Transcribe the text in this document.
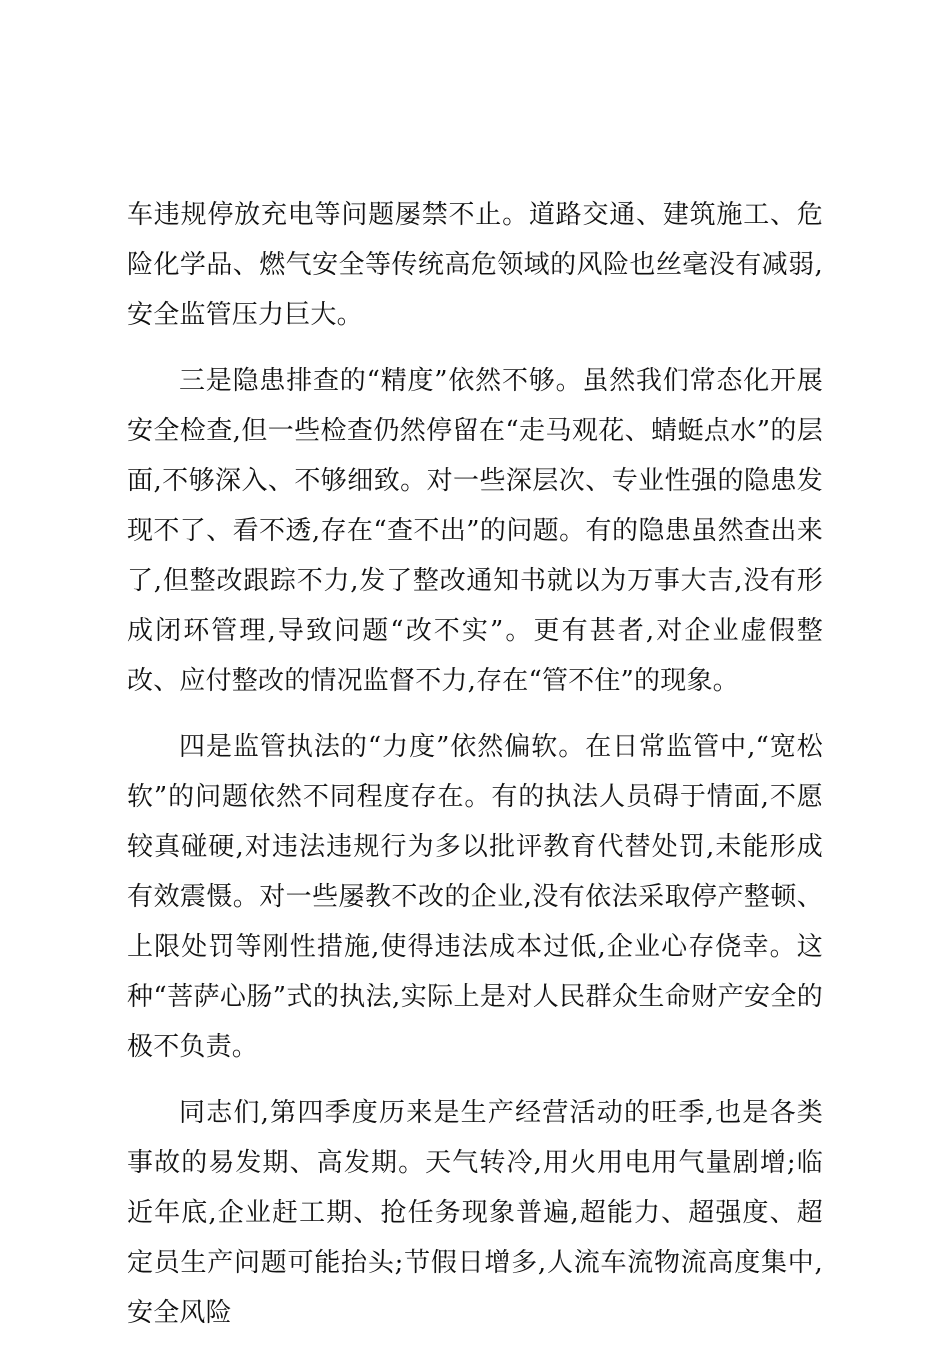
车违规停放充电等问题屡禁不止。道路交通、建筑施工、危险化学品、燃气安全等传统高危领域的风险也丝毫没有减弱,安全监管压力巨大。

三是隐患排查的“精度”依然不够。虽然我们常态化开展安全检查,但一些检查仍然停留在“走马观花、蜻蜓点水”的层面,不够深入、不够细致。对一些深层次、专业性强的隐患发现不了、看不透,存在“查不出”的问题。有的隐患虽然查出来了,但整改跟踪不力,发了整改通知书就以为万事大吉,没有形成闭环管理,导致问题“改不实”。更有甚者,对企业虚假整改、应付整改的情况监督不力,存在“管不住”的现象。

四是监管执法的“力度”依然偏软。在日常监管中,“宽松软”的问题依然不同程度存在。有的执法人员碍于情面,不愿较真碰硬,对违法违规行为多以批评教育代替处罚,未能形成有效震慑。对一些屡教不改的企业,没有依法采取停产整顿、上限处罚等刚性措施,使得违法成本过低,企业心存侥幸。这种“菩萨心肠”式的执法,实际上是对人民群众生命财产安全的极不负责。

同志们,第四季度历来是生产经营活动的旺季,也是各类事故的易发期、高发期。天气转冷,用火用电用气量剧增;临近年底,企业赶工期、抢任务现象普遍,超能力、超强度、超定员生产问题可能抬头;节假日增多,人流车流物流高度集中,安全风险
